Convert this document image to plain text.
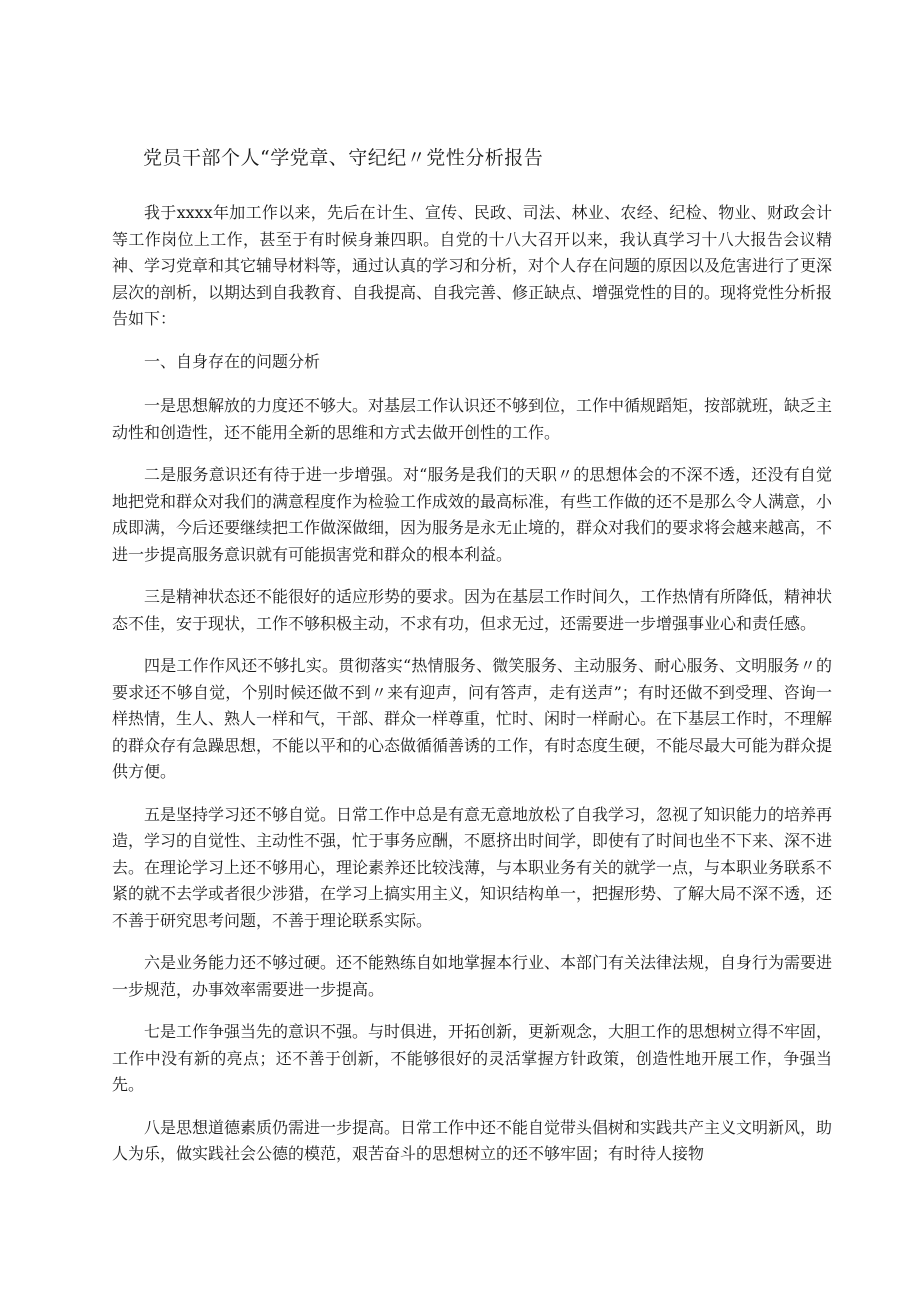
党员干部个人“学党章、守纪纪〃党性分析报告

我于xxxx年加工作以来，先后在计生、宣传、民政、司法、林业、农经、纪检、物业、财政会计等工作岗位上工作，甚至于有时候身兼四职。自党的十八大召开以来，我认真学习十八大报告会议精神、学习党章和其它辅导材料等，通过认真的学习和分析，对个人存在问题的原因以及危害进行了更深层次的剖析，以期达到自我教育、自我提高、自我完善、修正缺点、增强党性的目的。现将党性分析报告如下：

一、自身存在的问题分析

一是思想解放的力度还不够大。对基层工作认识还不够到位，工作中循规蹈矩，按部就班，缺乏主动性和创造性，还不能用全新的思维和方式去做开创性的工作。

二是服务意识还有待于进一步增强。对“服务是我们的天职〃的思想体会的不深不透，还没有自觉地把党和群众对我们的满意程度作为检验工作成效的最高标准，有些工作做的还不是那么令人满意，小成即满，今后还要继续把工作做深做细，因为服务是永无止境的，群众对我们的要求将会越来越高，不进一步提高服务意识就有可能损害党和群众的根本利益。

三是精神状态还不能很好的适应形势的要求。因为在基层工作时间久，工作热情有所降低，精神状态不佳，安于现状，工作不够积极主动，不求有功，但求无过，还需要进一步增强事业心和责任感。

四是工作作风还不够扎实。贯彻落实“热情服务、微笑服务、主动服务、耐心服务、文明服务〃的要求还不够自觉，个别时候还做不到〃来有迎声，问有答声，走有送声”；有时还做不到受理、咨询一样热情，生人、熟人一样和气，干部、群众一样尊重，忙时、闲时一样耐心。在下基层工作时，不理解的群众存有急躁思想，不能以平和的心态做循循善诱的工作，有时态度生硬，不能尽最大可能为群众提供方便。

五是坚持学习还不够自觉。日常工作中总是有意无意地放松了自我学习，忽视了知识能力的培养再造，学习的自觉性、主动性不强，忙于事务应酬，不愿挤出时间学，即使有了时间也坐不下来、深不进去。在理论学习上还不够用心，理论素养还比较浅薄，与本职业务有关的就学一点，与本职业务联系不紧的就不去学或者很少涉猎，在学习上搞实用主义，知识结构单一，把握形势、了解大局不深不透，还不善于研究思考问题，不善于理论联系实际。

六是业务能力还不够过硬。还不能熟练自如地掌握本行业、本部门有关法律法规，自身行为需要进一步规范，办事效率需要进一步提高。

七是工作争强当先的意识不强。与时俱进，开拓创新，更新观念，大胆工作的思想树立得不牢固，工作中没有新的亮点；还不善于创新，不能够很好的灵活掌握方针政策，创造性地开展工作，争强当先。

八是思想道德素质仍需进一步提高。日常工作中还不能自觉带头倡树和实践共产主义文明新风，助人为乐，做实践社会公德的模范，艰苦奋斗的思想树立的还不够牢固；有时待人接物
